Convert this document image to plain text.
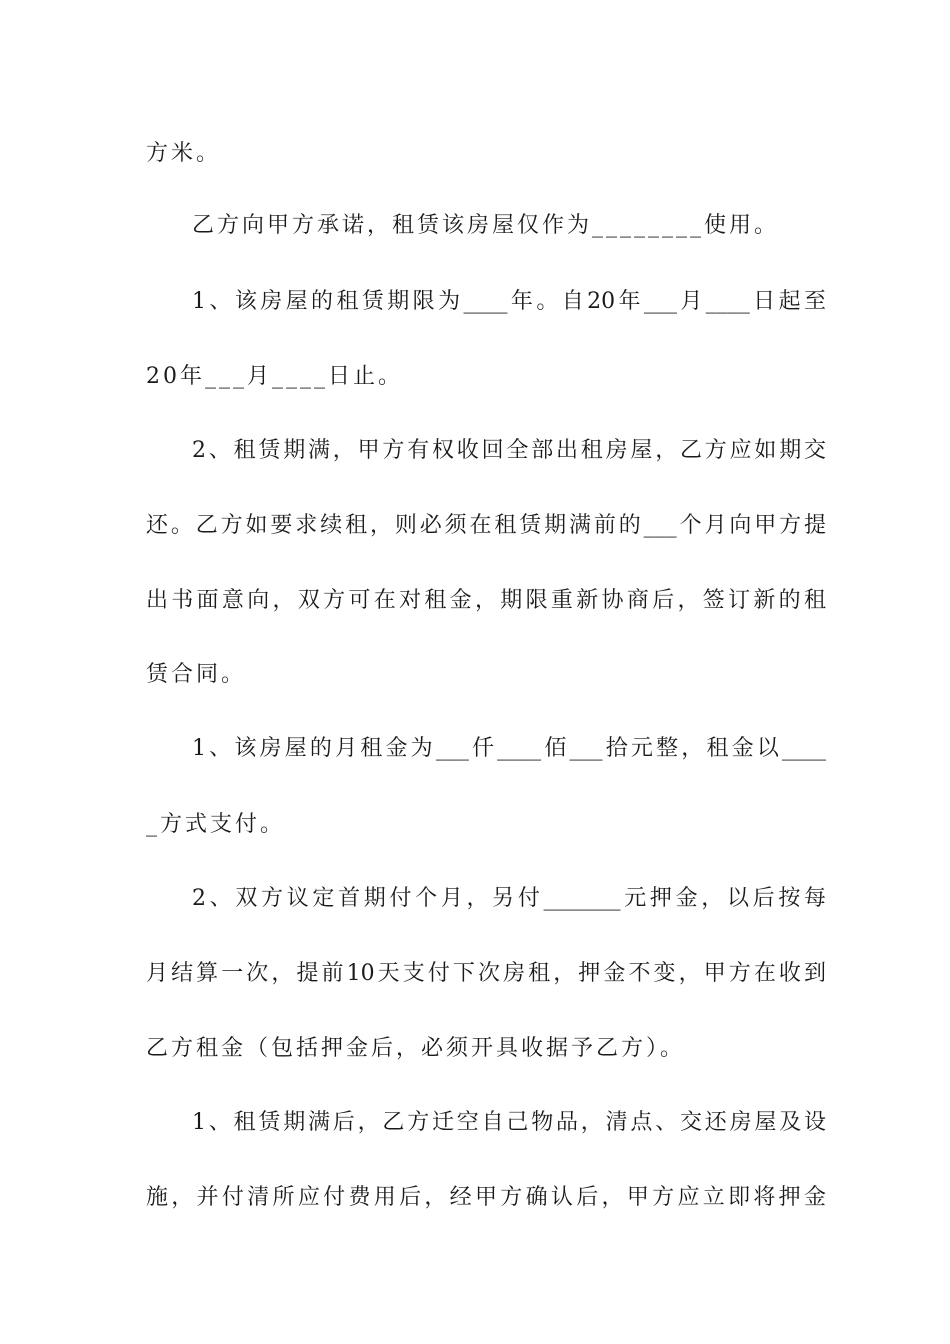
方米。
乙方向甲方承诺，租赁该房屋仅作为________使用。
1、该房屋的租赁期限为____年。自20年___月____日起至
20年___月____日止。
2、租赁期满，甲方有权收回全部出租房屋，乙方应如期交
还。乙方如要求续租，则必须在租赁期满前的___个月向甲方提
出书面意向，双方可在对租金，期限重新协商后，签订新的租
赁合同。
1、该房屋的月租金为___仟____佰___拾元整，租金以____
_方式支付。
2、双方议定首期付个月，另付_______元押金，以后按每
月结算一次，提前10天支付下次房租，押金不变，甲方在收到
乙方租金（包括押金后，必须开具收据予乙方）。
1、租赁期满后，乙方迁空自己物品，清点、交还房屋及设
施，并付清所应付费用后，经甲方确认后，甲方应立即将押金
